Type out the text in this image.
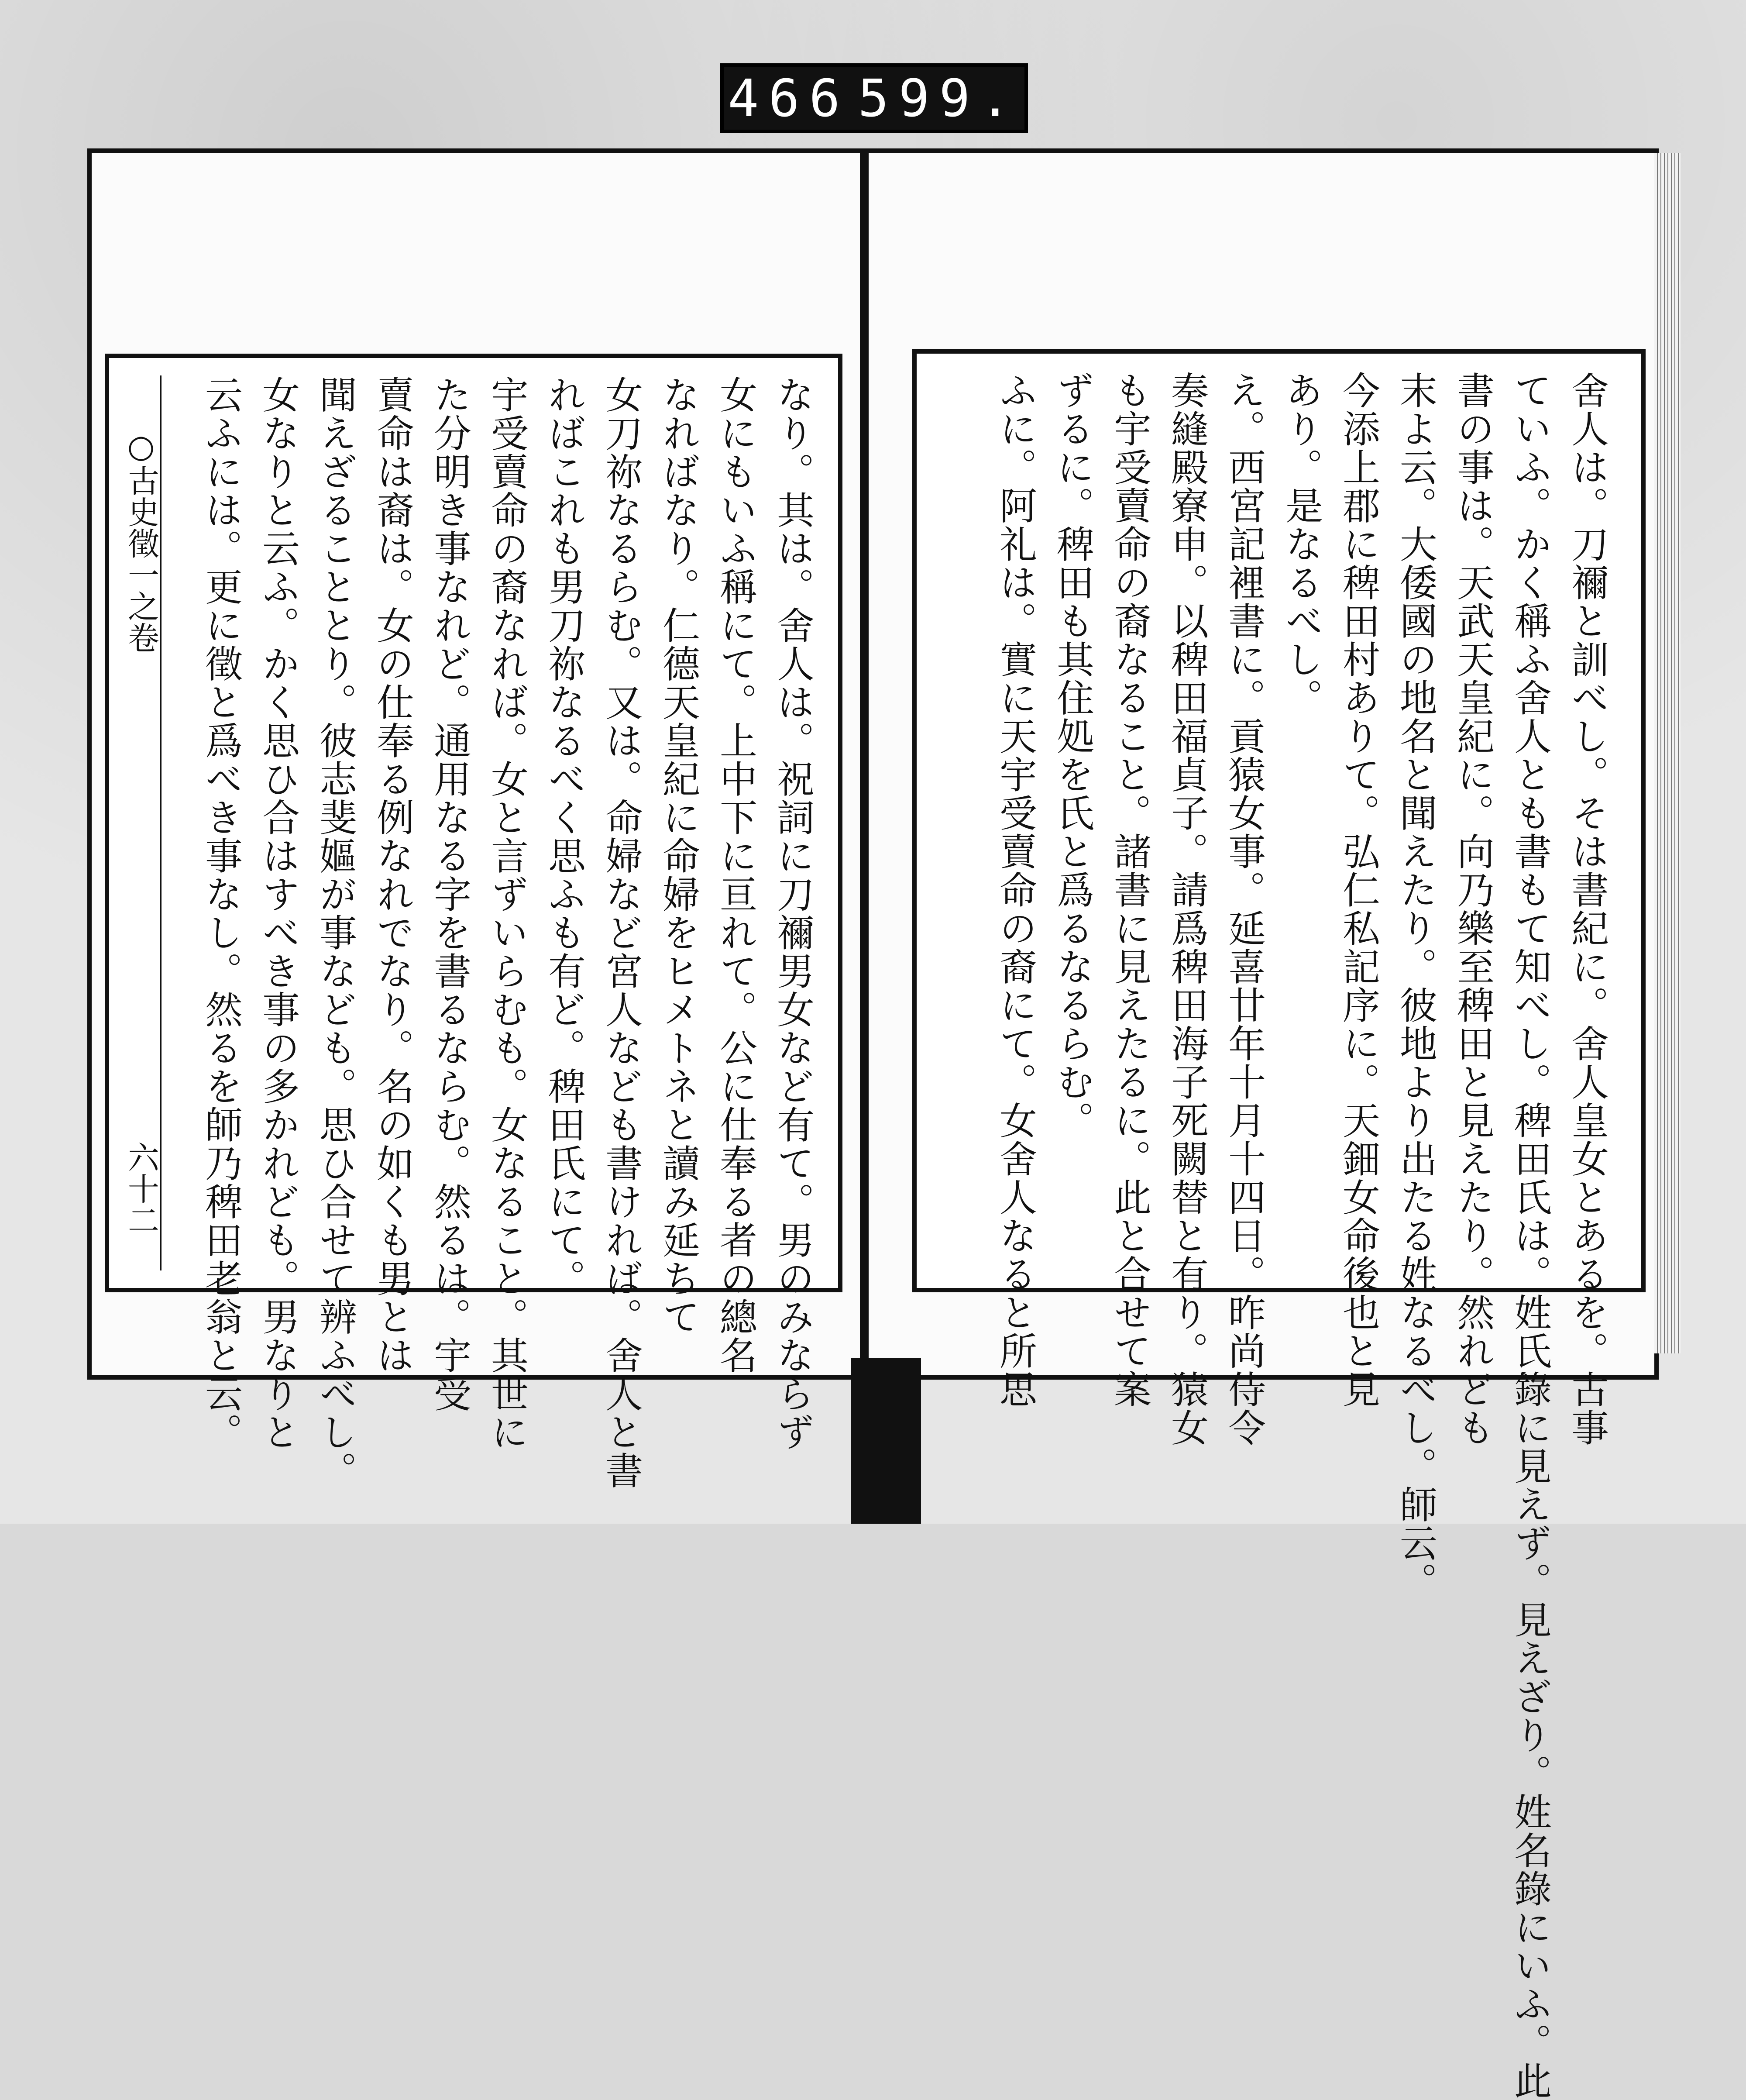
466 599.
○古史徵一之卷
六十二	なり。其は。舍人は。祝詞に刀禰男女など有て。男のみならず
女にもいふ稱にて。上中下に亘れて。公に仕奉る者の總名
なればなり。仁德天皇紀に命婦をヒメトネと讀み延ちて
女刀祢なるらむ。又は。命婦など宮人なども書ければ。舍人と書
ればこれも男刀祢なるべく思ふも有ど。稗田氏にて。
宇受賣命の裔なれば。女と言ずいらむも。女なること。其世に
た分明き事なれど。通用なる字を書るならむ。然るは。宇受
賣命は裔は。女の仕奉る例なれでなり。名の如くも男とは
聞えざることとり。彼志斐嫗が事なども。思ひ合せて辨ふべし。
女なりと云ふ。かく思ひ合はすべき事の多かれども。男なりと
云ふには。更に徵と爲べき事なし。然るを師乃稗田老翁と云。	舍人は。刀禰と訓べし。そは書紀に。舍人皇女とあるを。古事
ていふ。かく稱ふ舍人とも書もて知べし。稗田氏は。姓氏錄に見えず。見えざり。姓名錄にいふ。此
書の事は。天武天皇紀に。向乃樂至稗田と見えたり。然れども
末よ云。大倭國の地名と聞えたり。彼地より出たる姓なるべし。師云。
今添上郡に稗田村ありて。弘仁私記序に。天鈿女命後也と見
あり。是なるべし。
え。西宮記裡書に。貢猿女事。延喜廿年十月十四日。昨尚侍令
奏縫殿寮申。以稗田福貞子。請爲稗田海子死闕替と有り。猿女
も宇受賣命の裔なること。諸書に見えたるに。此と合せて案
ずるに。稗田も其住処を氏と爲るなるらむ。
ふに。阿礼は。實に天宇受賣命の裔にて。女舍人なると所思
